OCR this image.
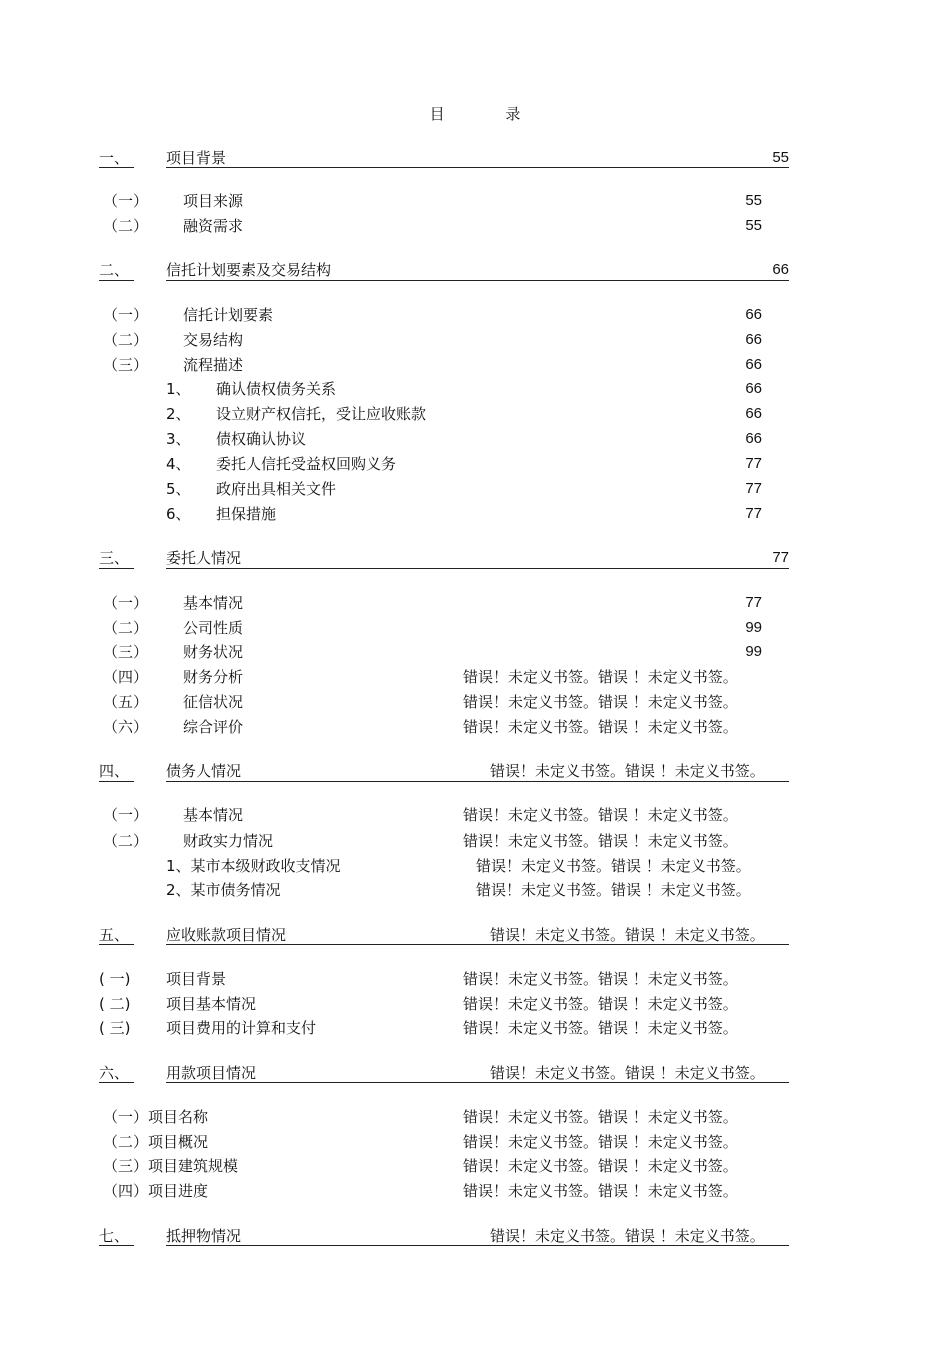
目 录
一、 项目背景	55
（一） 项目来源	55
（二） 融资需求	55
二、 信托计划要素及交易结构	66
（一） 信托计划要素	66
（二） 交易结构	66
（三） 流程描述	66
1、 确认债权债务关系	66
2、 设立财产权信托，受让应收账款	66
3、 债权确认协议	66
4、 委托人信托受益权回购义务	77
5、 政府出具相关文件	77
6、 担保措施	77
三、 委托人情况	77
（一） 基本情况	77
（二） 公司性质	99
（三） 财务状况	99
（四） 财务分析	错误！未定义书签。错误 ！未定义书签。
（五） 征信状况	错误！未定义书签。错误 ！未定义书签。
（六） 综合评价	错误！未定义书签。错误 ！未定义书签。
四、 债务人情况	错误！未定义书签。错误 ！未定义书签。
（一） 基本情况	错误！未定义书签。错误 ！未定义书签。
（二） 财政实力情况	错误！未定义书签。错误 ！未定义书签。
1、某市本级财政收支情况	错误！未定义书签。错误 ！未定义书签。
2、某市债务情况	错误！未定义书签。错误 ！未定义书签。
五、 应收账款项目情况	错误！未定义书签。错误 ！未定义书签。
( 一) 项目背景	错误！未定义书签。错误 ！未定义书签。
( 二) 项目基本情况	错误！未定义书签。错误 ！未定义书签。
( 三) 项目费用的计算和支付	错误！未定义书签。错误 ！未定义书签。
六、 用款项目情况	错误！未定义书签。错误 ！未定义书签。
（一）项目名称	错误！未定义书签。错误 ！未定义书签。
（二）项目概况	错误！未定义书签。错误 ！未定义书签。
（三）项目建筑规模	错误！未定义书签。错误 ！未定义书签。
（四）项目进度	错误！未定义书签。错误 ！未定义书签。
七、 抵押物情况	错误！未定义书签。错误 ！未定义书签。
